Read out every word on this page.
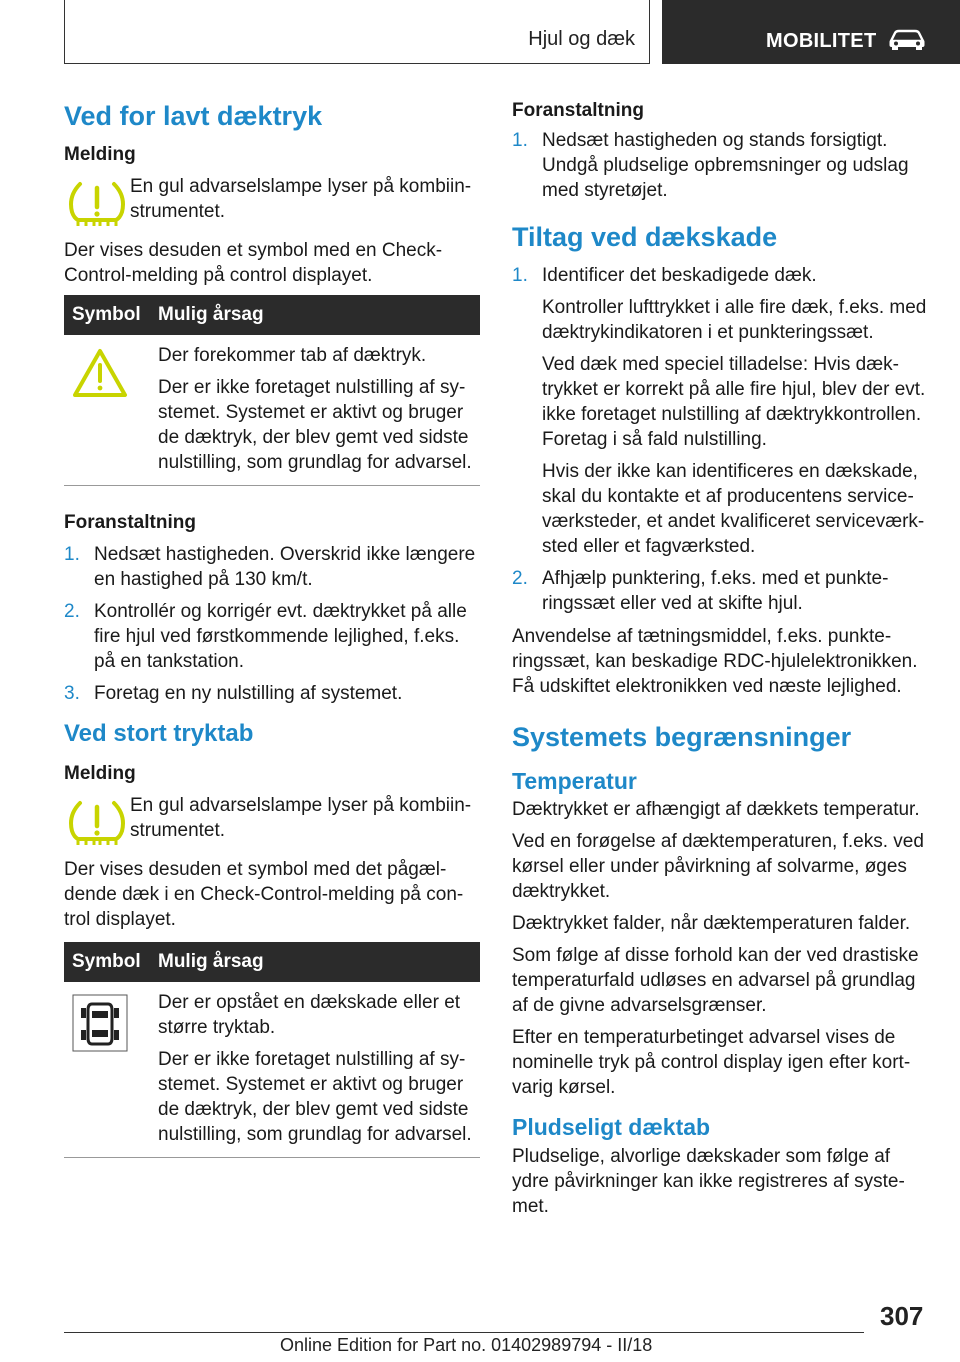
Hjul og dæk	MOBILITET
Ved for lavt dæktryk
Melding
En gul advarselslampe lyser på kombiinstrumentet.

Der vises desuden et symbol med en Check-Control-melding på control displayet.

Symbol Mulig årsag

Der forekommer tab af dæktryk.

Der er ikke foretaget nulstilling af systemet. Systemet er aktivt og bruger de dæktryk, der blev gemt ved sidste nulstilling, som grundlag for advarsel.

Foranstaltning
1. Nedsæt hastigheden. Overskrid ikke længere en hastighed på 130 km/t.
2. Kontrollér og korrigér evt. dæktrykket på alle fire hjul ved førstkommende lejlighed, f.eks. på en tankstation.
3. Foretag en ny nulstilling af systemet.
Ved stort tryktab
Melding
En gul advarselslampe lyser på kombiinstrumentet.

Der vises desuden et symbol med det pågældende dæk i en Check-Control-melding på control displayet.

Symbol Mulig årsag

Der er opstået en dækskade eller et større tryktab.

Der er ikke foretaget nulstilling af systemet. Systemet er aktivt og bruger de dæktryk, der blev gemt ved sidste nulstilling, som grundlag for advarsel.

Foranstaltning
1. Nedsæt hastigheden og stands forsigtigt. Undgå pludselige opbremsninger og udslag med styretøjet.
Tiltag ved dækskade
1. Identificer det beskadigede dæk.

Kontroller lufttrykket i alle fire dæk, f.eks. med dæktrykindikatoren i et punkteringssæt.

Ved dæk med speciel tilladelse: Hvis dæktrykket er korrekt på alle fire hjul, blev der evt. ikke foretaget nulstilling af dæktrykkontrollen. Foretag i så fald nulstilling.

Hvis der ikke kan identificeres en dækskade, skal du kontakte et af producentens serviceværksteder, et andet kvalificeret serviceværksted eller et fagværksted.

2. Afhjælp punktering, f.eks. med et punkteringssæt eller ved at skifte hjul.

Anvendelse af tætningsmiddel, f.eks. punkteringssæt, kan beskadige RDC-hjulelektronikken. Få udskiftet elektronikken ved næste lejlighed.

Systemets begrænsninger
Temperatur

Dæktrykket er afhængigt af dækkets temperatur.

Ved en forøgelse af dæktemperaturen, f.eks. ved kørsel eller under påvirkning af solvarme, øges dæktrykket.

Dæktrykket falder, når dæktemperaturen falder.

Som følge af disse forhold kan der ved drastiske temperaturfald udløses en advarsel på grundlag af de givne advarselsgrænser.

Efter en temperaturbetinget advarsel vises de nominelle tryk på control display igen efter kortvarig kørsel.

Pludseligt dæktab

Pludselige, alvorlige dækskader som følge af ydre påvirkninger kan ikke registreres af systemet.

307
Online Edition for Part no. 01402989794 - II/18
